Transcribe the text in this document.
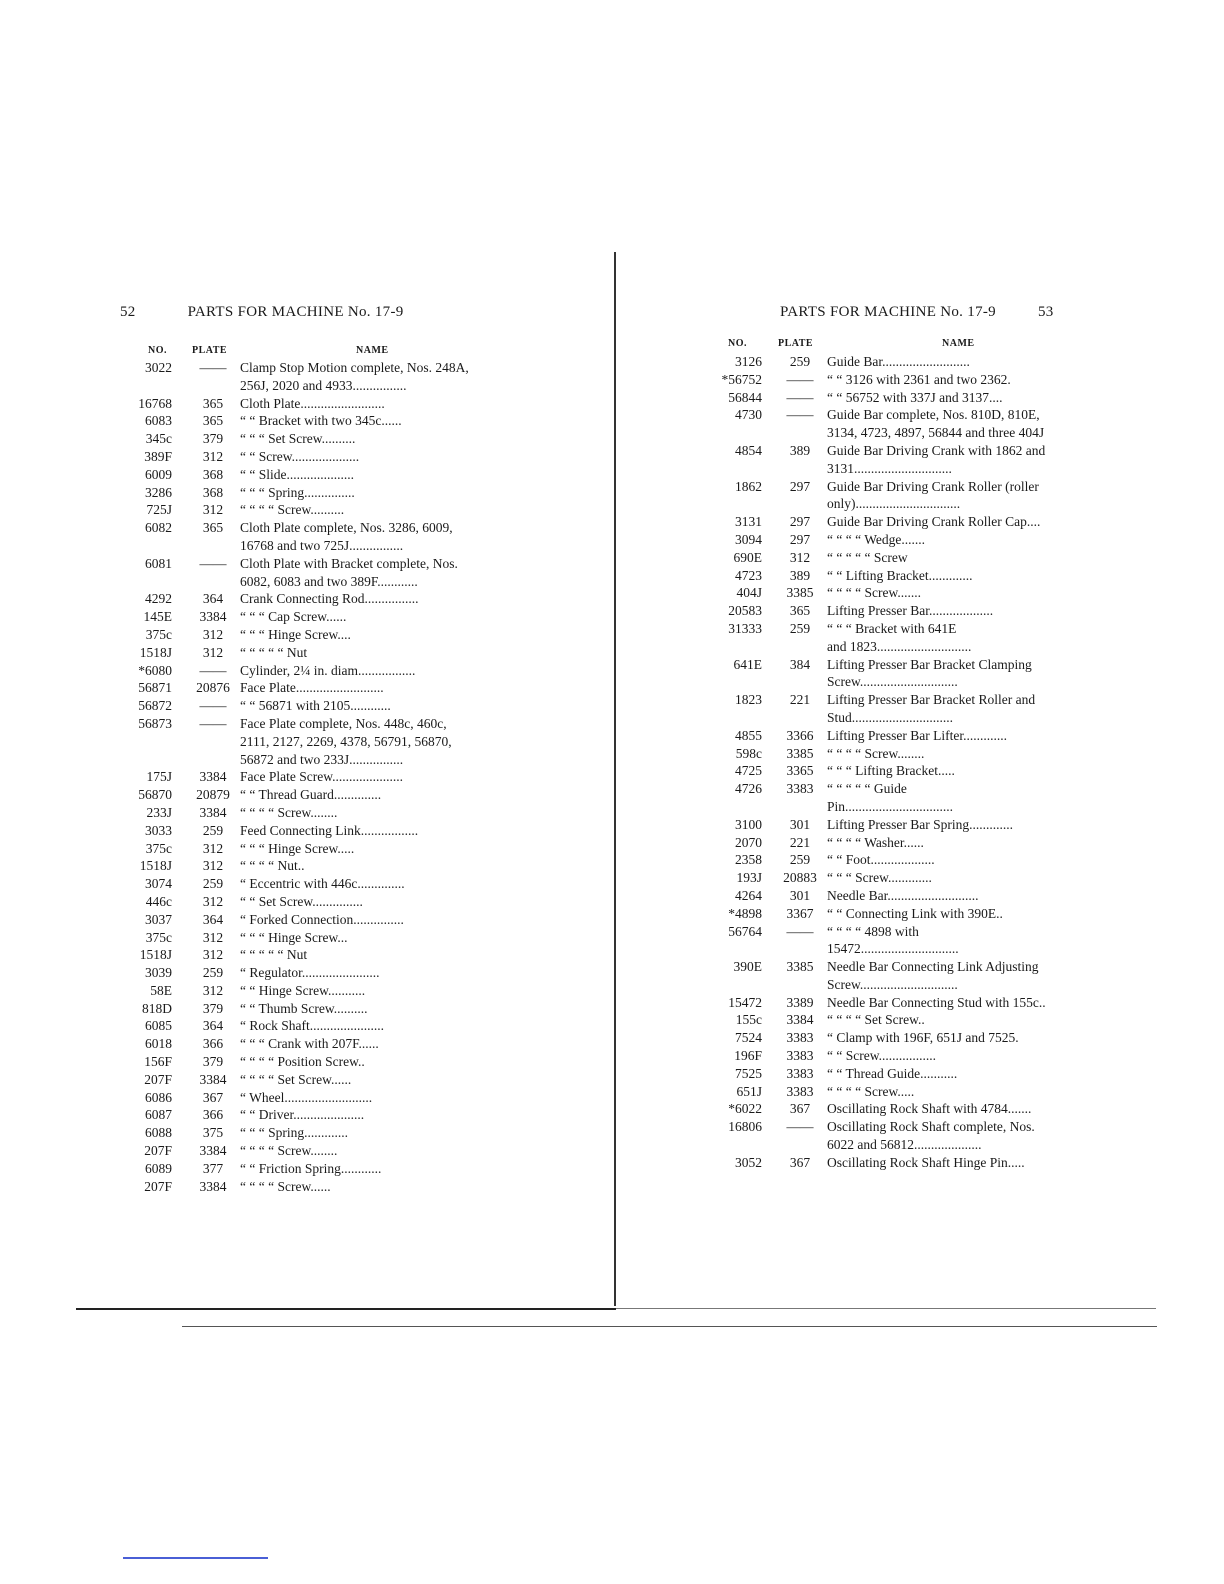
52	PARTS FOR MACHINE No. 17-9
NO.	PLATE	NAME
3022	——	Clamp Stop Motion complete, Nos. 248A,
256J, 2020 and 4933................
16768	365	Cloth Plate.........................
6083	365	“ “ Bracket with two 345c......
345c	379	“ “ “ Set Screw..........
389F	312	“ “ Screw....................
6009	368	“ “ Slide....................
3286	368	“ “ “ Spring...............
725J	312	“ “ “ “ Screw..........
6082	365	Cloth Plate complete, Nos. 3286, 6009,
16768 and two 725J................
6081	——	Cloth Plate with Bracket complete, Nos.
6082, 6083 and two 389F............
4292	364	Crank Connecting Rod................
145E	3384	“ “ “ Cap Screw......
375c	312	“ “ “ Hinge Screw....
1518J	312	“ “ “ “ “ Nut
*6080	——	Cylinder, 2¼ in. diam.................
56871	20876 Face Plate..........................
56872	——	“ “ 56871 with 2105............
56873	——	Face Plate complete, Nos. 448c, 460c,
2111, 2127, 2269, 4378, 56791, 56870,
56872 and two 233J................
175J	3384	Face Plate Screw.....................
56870	20879 “ “ Thread Guard..............
233J	3384	“ “ “ “ Screw........
3033	259	Feed Connecting Link.................
375c	312	“ “ “ Hinge Screw.....
1518J	312	“ “ “ “ Nut..
3074	259	“ Eccentric with 446c..............
446c	312	“ “ Set Screw...............
3037	364	“ Forked Connection...............
375c	312	“ “ “ Hinge Screw...
1518J	312	“ “ “ “ “ Nut
3039	259	“ Regulator.......................
58E	312	“ “ Hinge Screw...........
818D	379	“ “ Thumb Screw..........
6085	364	“ Rock Shaft......................
6018	366	“ “ “ Crank with 207F......
156F	379	“ “ “ “ Position Screw..
207F	3384	“ “ “ “ Set Screw......
6086	367	“ Wheel..........................
6087	366	“ “ Driver.....................
6088	375	“ “ “ Spring.............
207F	3384	“ “ “ “ Screw........
6089	377	“ “ Friction Spring............
207F	3384	“ “ “ “ Screw......
PARTS FOR MACHINE No. 17-9	53
NO.	PLATE	NAME
3126	259	Guide Bar..........................
*56752	——	“ “ 3126 with 2361 and two 2362.
56844	——	“ “ 56752 with 337J and 3137....
4730	——	Guide Bar complete, Nos. 810D, 810E,
3134, 4723, 4897, 56844 and three 404J
4854	389	Guide Bar Driving Crank with 1862 and
3131.............................
1862	297	Guide Bar Driving Crank Roller (roller
only)...............................
3131	297	Guide Bar Driving Crank Roller Cap....
3094	297	“ “ “ “ Wedge.......
690E	312	“ “ “ “ “ Screw
4723	389	“ “ Lifting Bracket.............
404J	3385	“ “ “ “ Screw.......
20583	365	Lifting Presser Bar...................
31333	259	“ “ “ Bracket with 641E
and 1823............................
641E	384	Lifting Presser Bar Bracket Clamping
Screw.............................
1823	221	Lifting Presser Bar Bracket Roller and
Stud..............................
4855	3366	Lifting Presser Bar Lifter.............
598c	3385	“ “ “ “ Screw........
4725	3365	“ “ “ Lifting Bracket.....
4726	3383	“ “ “ “ “ Guide
Pin................................
3100	301	Lifting Presser Bar Spring.............
2070	221	“ “ “ “ Washer......
2358	259	“ “ Foot...................
193J	20883 “ “ “ Screw.............
4264	301	Needle Bar...........................
*4898	3367	“ “ Connecting Link with 390E..
56764	——	“ “ “ “ 4898 with
15472.............................
390E	3385	Needle Bar Connecting Link Adjusting
Screw.............................
15472	3389	Needle Bar Connecting Stud with 155c..
155c	3384	“ “ “ “ Set Screw..
7524	3383	“ Clamp with 196F, 651J and 7525.
196F	3383	“ “ Screw.................
7525	3383	“ “ Thread Guide...........
651J	3383	“ “ “ “ Screw.....
*6022	367	Oscillating Rock Shaft with 4784.......
16806	——	Oscillating Rock Shaft complete, Nos.
6022 and 56812....................
3052	367	Oscillating Rock Shaft Hinge Pin.....
